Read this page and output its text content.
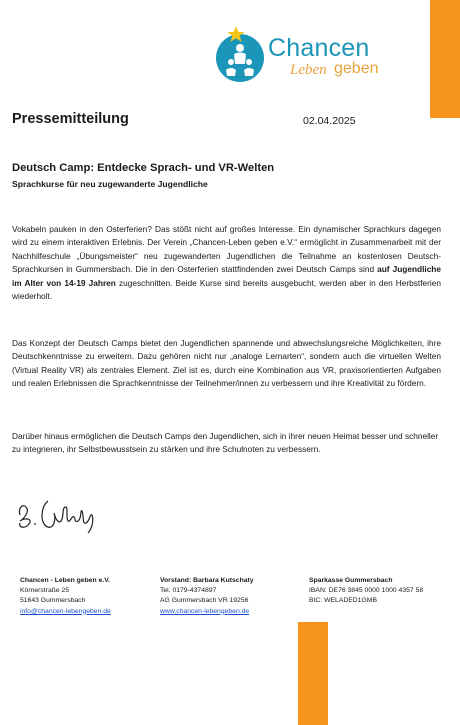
Chancen
Leben geben
Pressemitteilung	02.04.2025
Deutsch Camp: Entdecke Sprach- und VR-Welten
Sprachkurse für neu zugewanderte Jugendliche

Vokabeln pauken in den Osterferien? Das stößt nicht auf großes Interesse. Ein dynamischer Sprachkurs dagegen wird zu einem interaktiven Erlebnis. Der Verein „Chancen-Leben geben e.V.“ ermöglicht in Zusammenarbeit mit der Nachhilfeschule „Übungsmeister“ neu zugewanderten Jugendlichen die Teilnahme an kostenlosen Deutsch-Sprachkursen in Gummersbach. Die in den Osterferien stattfindenden zwei Deutsch Camps sind auf Jugendliche im Alter von 14-19 Jahren zugeschnitten. Beide Kurse sind bereits ausgebucht, werden aber in den Herbstferien wiederholt.

Das Konzept der Deutsch Camps bietet den Jugendlichen spannende und abwechslungsreiche Möglichkeiten, ihre Deutschkenntnisse zu erweitern. Dazu gehören nicht nur „analoge Lernarten“, sondern auch die virtuellen Welten (Virtual Reality VR) als zentrales Element. Ziel ist es, durch eine Kombination aus VR, praxisorientierten Aufgaben und realen Erlebnissen die Sprachkenntnisse der Teilnehmer/innen zu verbessern und ihre Kreativität zu fördern.

Darüber hinaus ermöglichen die Deutsch Camps den Jugendlichen, sich in ihrer neuen Heimat besser und schneller zu integrieren, ihr Selbstbewusstsein zu stärken und ihre Schulnoten zu verbessern.

Chancen - Leben geben e.V.
Körnerstraße 25
51643 Gummersbach
info@chancen-lebengeben.de
Vorstand: Barbara Kutschaty
Tel. 0179-4374897
AG Gummersbach VR 19256
www.chancen-lebengeben.de
Sparkasse Gummersbach
IBAN: DE76 3845 0000 1000 4357 58
BIC: WELADED1GMB
